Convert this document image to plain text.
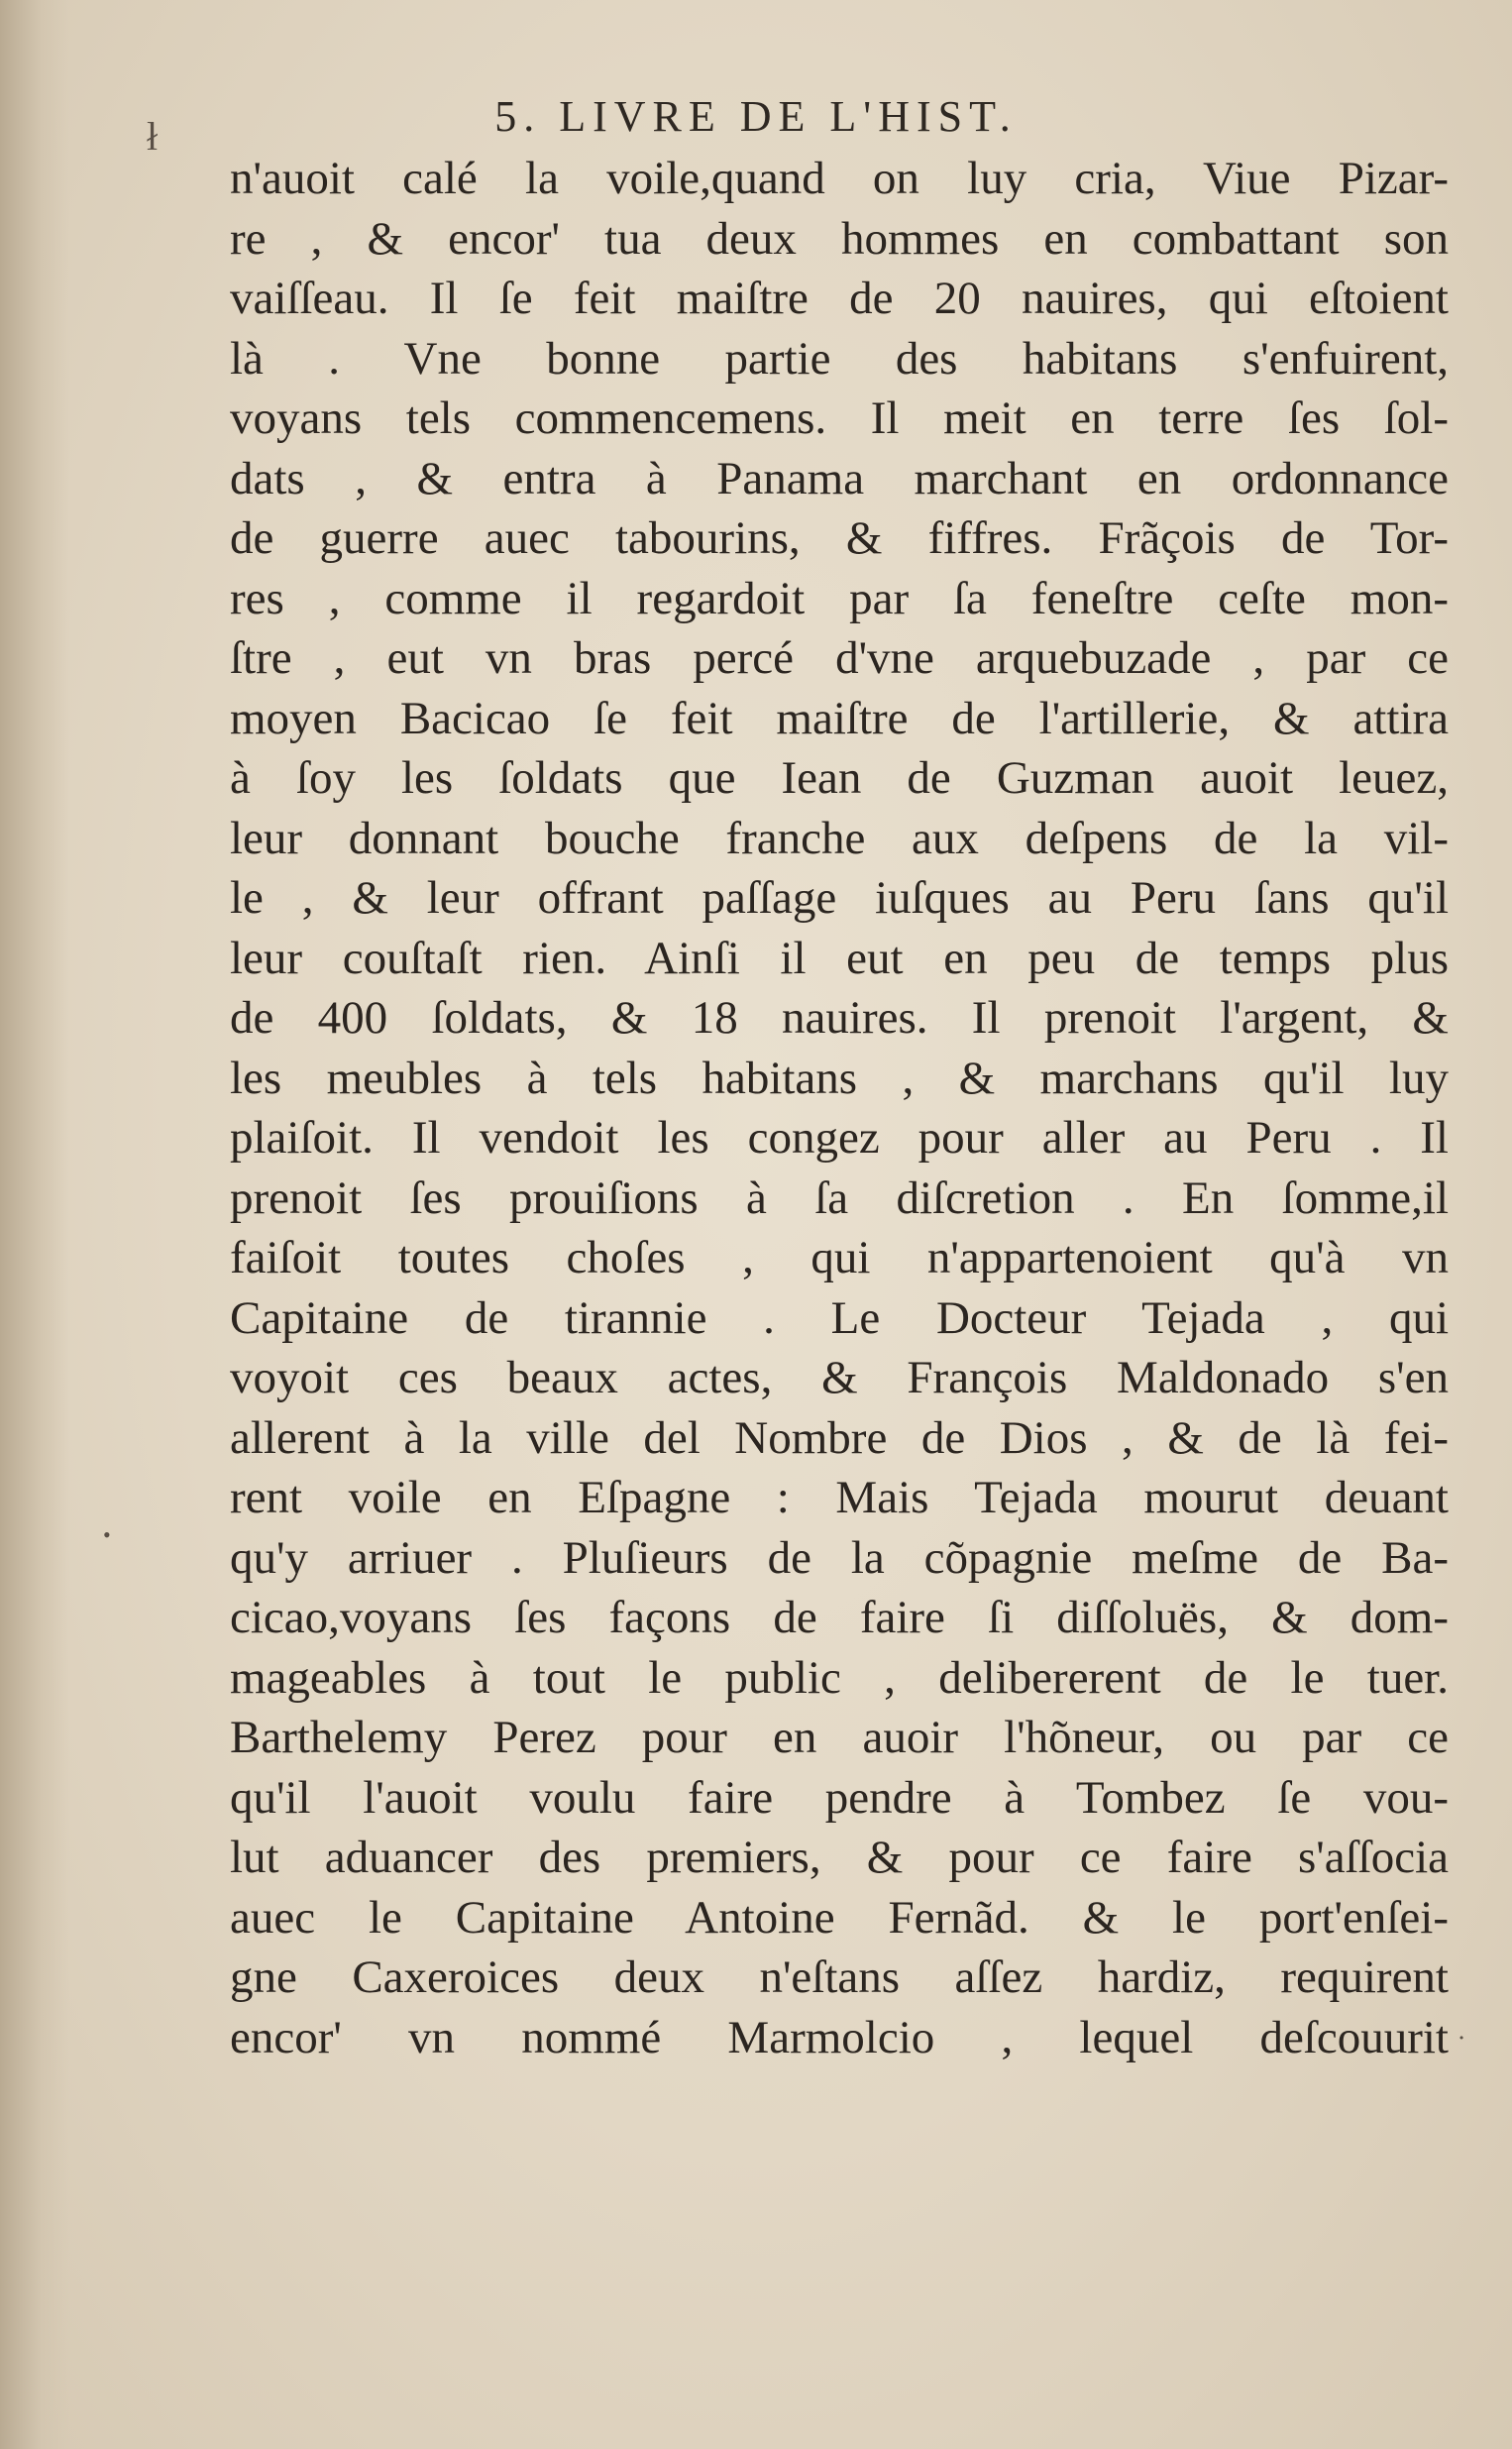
5. LIVRE DE L'HIST.
ł
•
˙
n'auoit calé la voile,quand on luy cria, Viue Pizar-
re , & encor' tua deux hommes en combattant son
vaiſſeau. Il ſe feit maiſtre de 20 nauires, qui eſtoient
là . Vne bonne partie des habitans s'enfuirent,
voyans tels commencemens. Il meit en terre ſes ſol-
dats , & entra à Panama marchant en ordonnance
de guerre auec tabourins, & fiffres. Frãçois de Tor-
res , comme il regardoit par ſa feneſtre ceſte mon-
ſtre , eut vn bras percé d'vne arquebuzade , par ce
moyen Bacicao ſe feit maiſtre de l'artillerie, & attira
à ſoy les ſoldats que Iean de Guzman auoit leuez,
leur donnant bouche franche aux deſpens de la vil-
le , & leur offrant paſſage iuſques au Peru ſans qu'il
leur couſtaſt rien. Ainſi il eut en peu de temps plus
de 400 ſoldats, & 18 nauires. Il prenoit l'argent, &
les meubles à tels habitans , & marchans qu'il luy
plaiſoit. Il vendoit les congez pour aller au Peru . Il
prenoit ſes prouiſions à ſa diſcretion . En ſomme,il
faiſoit toutes choſes , qui n'appartenoient qu'à vn
Capitaine de tirannie . Le Docteur Tejada , qui
voyoit ces beaux actes, & François Maldonado s'en
allerent à la ville del Nombre de Dios , & de là fei-
rent voile en Eſpagne : Mais Tejada mourut deuant
qu'y arriuer . Pluſieurs de la cõpagnie meſme de Ba-
cicao,voyans ſes façons de faire ſi diſſoluës, & dom-
mageables à tout le public , delibererent de le tuer.
Barthelemy Perez pour en auoir l'hõneur, ou par ce
qu'il l'auoit voulu faire pendre à Tombez ſe vou-
lut aduancer des premiers, & pour ce faire s'aſſocia
auec le Capitaine Antoine Fernãd. & le port'enſei-
gne Caxeroices deux n'eſtans aſſez hardiz, requirent
encor' vn nommé Marmolcio , lequel deſcouurit
